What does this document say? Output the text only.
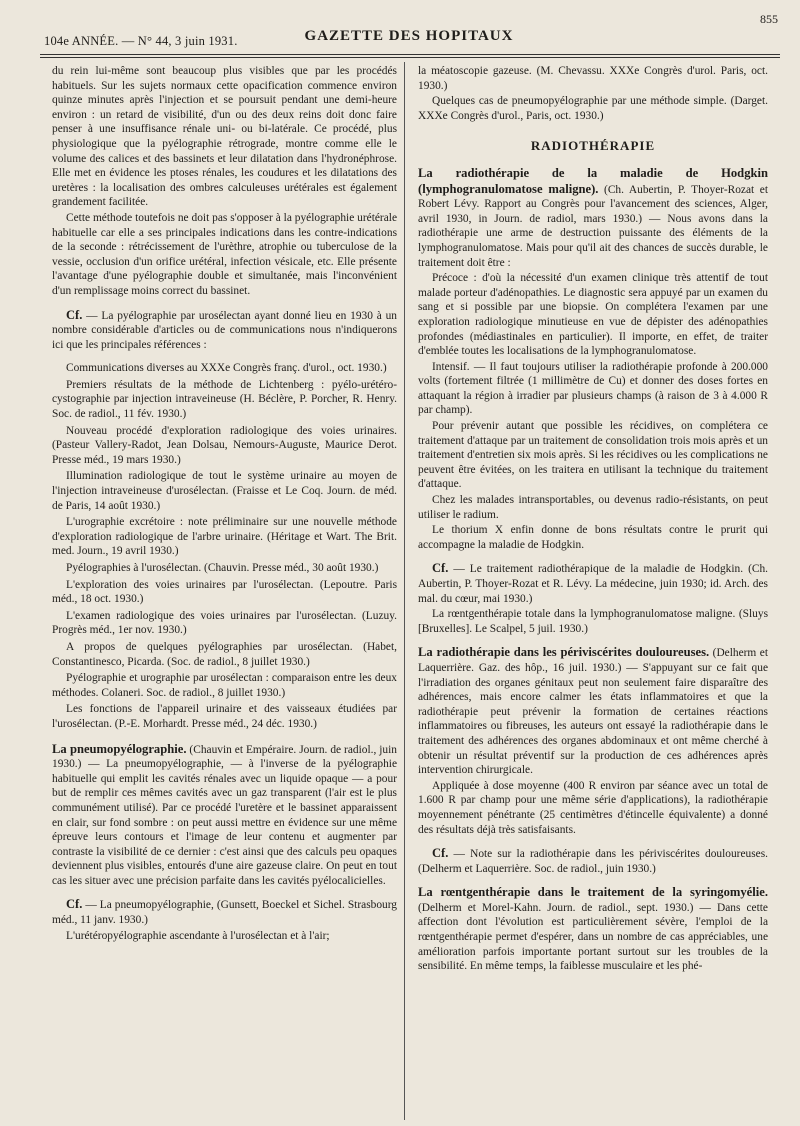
104e ANNÉE. — N° 44, 3 juin 1931.	GAZETTE DES HOPITAUX
855

du rein lui-même sont beaucoup plus visibles que par les procédés habituels. Sur les sujets normaux cette opacification commence environ quinze minutes après l'injection et se poursuit pendant une demi-heure environ : un retard de visibilité, d'un ou des deux reins doit donc faire penser à une insuffisance rénale uni- ou bi-latérale. Ce procédé, plus physiologique que la pyélographie rétrograde, montre comme elle le volume des calices et des bassinets et leur dilatation dans l'hydronéphrose. Elle met en évidence les ptoses rénales, les coudures et les dilatations des uretères : la localisation des ombres calculeuses urétérales est également grandement facilitée.

Cette méthode toutefois ne doit pas s'opposer à la pyélographie urétérale habituelle car elle a ses principales indications dans les contre-indications de la seconde : rétrécissement de l'urèthre, atrophie ou tuberculose de la vessie, occlusion d'un orifice urétéral, infection vésicale, etc. Elle présente l'avantage d'une pyélographie double et simultanée, mais l'inconvénient d'un remplissage moins correct du bassinet.

Cf. — La pyélographie par urosélectan ayant donné lieu en 1930 à un nombre considérable d'articles ou de communications nous n'indiquerons ici que les principales références :

Communications diverses au XXXe Congrès franç. d'urol., oct. 1930.)

Premiers résultats de la méthode de Lichtenberg : pyélo-urétéro-cystographie par injection intraveineuse (H. Béclère, P. Porcher, R. Henry. Soc. de radiol., 11 fév. 1930.)

Nouveau procédé d'exploration radiologique des voies urinaires. (Pasteur Vallery-Radot, Jean Dolsau, Nemours-Auguste, Maurice Derot. Presse méd., 19 mars 1930.)

Illumination radiologique de tout le système urinaire au moyen de l'injection intraveineuse d'urosélectan. (Fraisse et Le Coq. Journ. de méd. de Paris, 14 août 1930.)

L'urographie excrétoire : note préliminaire sur une nouvelle méthode d'exploration radiologique de l'arbre urinaire. (Héritage et Wart. The Brit. med. Journ., 19 avril 1930.)

Pyélographies à l'urosélectan. (Chauvin. Presse méd., 30 août 1930.)

L'exploration des voies urinaires par l'urosélectan. (Lepoutre. Paris méd., 18 oct. 1930.)

L'examen radiologique des voies urinaires par l'urosélectan. (Luzuy. Progrès méd., 1er nov. 1930.)

A propos de quelques pyélographies par urosélectan. (Habet, Constantinesco, Picarda. (Soc. de radiol., 8 juillet 1930.)

Pyélographie et urographie par urosélectan : comparaison entre les deux méthodes. Colaneri. Soc. de radiol., 8 juillet 1930.)

Les fonctions de l'appareil urinaire et des vaisseaux étudiées par l'urosélectan. (P.-E. Morhardt. Presse méd., 24 déc. 1930.)

La pneumopyélographie. (Chauvin et Empéraire. Journ. de radiol., juin 1930.) — La pneumopyélographie, — à l'inverse de la pyélographie habituelle qui emplit les cavités rénales avec un liquide opaque — a pour but de remplir ces mêmes cavités avec un gaz transparent (l'air est le plus communément utilisé). Par ce procédé l'uretère et le bassinet apparaissent en clair, sur fond sombre : on peut aussi mettre en évidence sur une même épreuve leurs contours et l'image de leur contenu et augmenter par contraste la visibilité de ce dernier : c'est ainsi que des calculs peu opaques deviennent plus visibles, entourés d'une aire gazeuse claire. On peut en tout cas les situer avec une précision parfaite dans les cavités pyélocalicielles.

Cf. — La pneumopyélographie, (Gunsett, Boeckel et Sichel. Strasbourg méd., 11 janv. 1930.)

L'urétéropyélographie ascendante à l'urosélectan et à l'air;

la méatoscopie gazeuse. (M. Chevassu. XXXe Congrès d'urol. Paris, oct. 1930.)

Quelques cas de pneumopyélographie par une méthode simple. (Darget. XXXe Congrès d'urol., Paris, oct. 1930.)

RADIOTHÉRAPIE

La radiothérapie de la maladie de Hodgkin (lymphogranulomatose maligne). (Ch. Aubertin, P. Thoyer-Rozat et Robert Lévy. Rapport au Congrès pour l'avancement des sciences, Alger, avril 1930, in Journ. de radiol, mars 1930.) — Nous avons dans la radiothérapie une arme de destruction puissante des éléments de la lymphogranulomatose. Mais pour qu'il ait des chances de succès durable, le traitement doit être :

Précoce : d'où la nécessité d'un examen clinique très attentif de tout malade porteur d'adénopathies. Le diagnostic sera appuyé par un examen du sang et si possible par une biopsie. On complétera l'examen par une exploration radiologique minutieuse en vue de dépister des adénopathies profondes (médiastinales en particulier). Il importe, en effet, de traiter d'emblée toutes les localisations de la lymphogranulomatose.

Intensif. — Il faut toujours utiliser la radiothérapie profonde à 200.000 volts (fortement filtrée (1 millimètre de Cu) et donner des doses fortes en attaquant la région à irradier par plusieurs champs (à raison de 3 à 4.000 R par champ).

Pour prévenir autant que possible les récidives, on complétera ce traitement d'attaque par un traitement de consolidation trois mois après et un traitement d'entretien six mois après. Si les récidives ou les complications ne peuvent être évitées, on les traitera en utilisant la technique du traitement d'attaque.

Chez les malades intransportables, ou devenus radio-résistants, on peut utiliser le radium.

Le thorium X enfin donne de bons résultats contre le prurit qui accompagne la maladie de Hodgkin.

Cf. — Le traitement radiothérapique de la maladie de Hodgkin. (Ch. Aubertin, P. Thoyer-Rozat et R. Lévy. La médecine, juin 1930; id. Arch. des mal. du cœur, mai 1930.)

La rœntgenthérapie totale dans la lymphogranulomatose maligne. (Sluys [Bruxelles]. Le Scalpel, 5 juil. 1930.)

La radiothérapie dans les périviscérites douloureuses. (Delherm et Laquerrière. Gaz. des hôp., 16 juil. 1930.) — S'appuyant sur ce fait que l'irradiation des organes génitaux peut non seulement faire disparaître des adhérences, mais encore calmer les états inflammatoires et que la radiothérapie peut prévenir la formation de certaines réactions inflammatoires ou fibreuses, les auteurs ont essayé la radiothérapie dans le traitement des adhérences des organes abdominaux et ont même cherché à obtenir un résultat préventif sur la production de ces adhérences après intervention chirurgicale.

Appliquée à dose moyenne (400 R environ par séance avec un total de 1.600 R par champ pour une même série d'applications), la radiothérapie moyennement pénétrante (25 centimètres d'étincelle équivalente) a donné des résultats déjà très satisfaisants.

Cf. — Note sur la radiothérapie dans les périviscérites douloureuses. (Delherm et Laquerrière. Soc. de radiol., juin 1930.)

La rœntgenthérapie dans le traitement de la syringomyélie. (Delherm et Morel-Kahn. Journ. de radiol., sept. 1930.) — Dans cette affection dont l'évolution est particulièrement sévère, l'emploi de la rœntgenthérapie permet d'espérer, dans un nombre de cas appréciables, une amélioration parfois importante portant surtout sur les troubles de la sensibilité. En même temps, la faiblesse musculaire et les phé-
